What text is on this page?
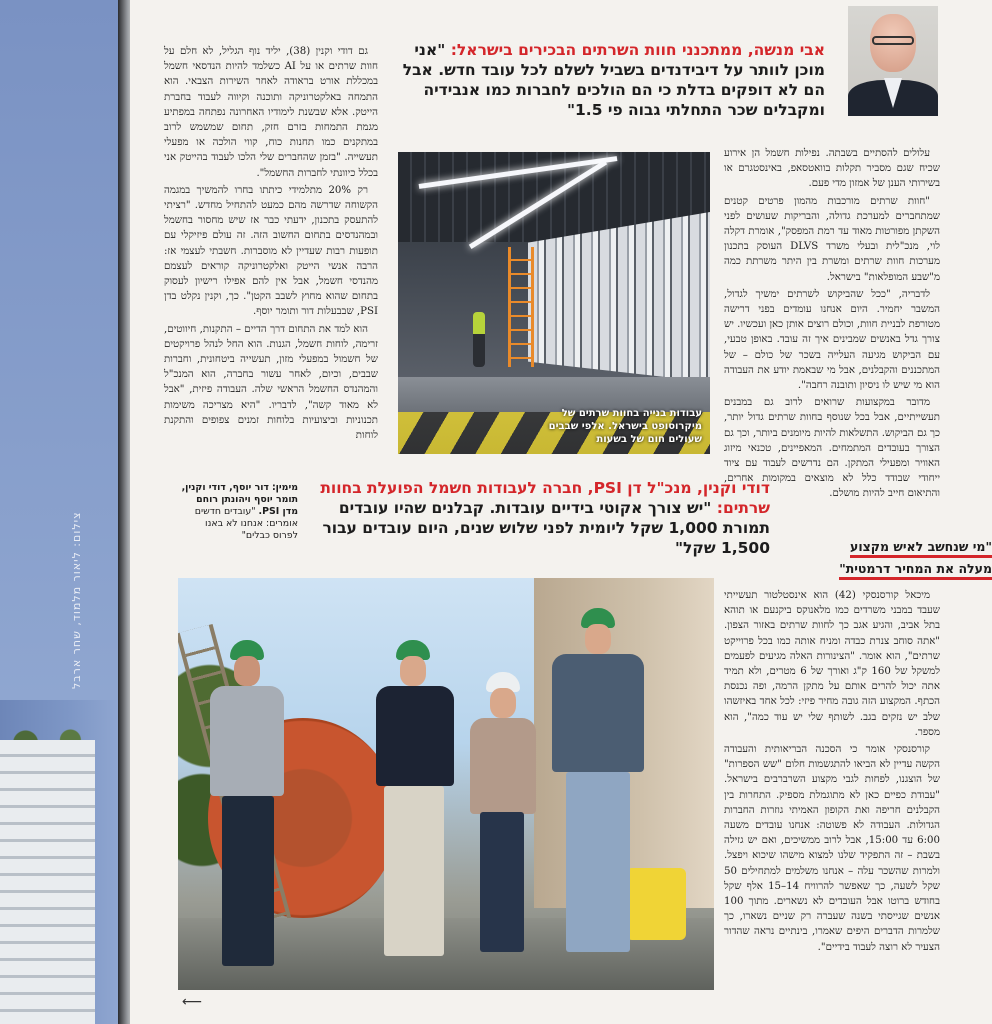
צילום: ליאור מלמוד, שחר ארבל
אבי מנשה, ממתכנני חוות השרתים הבכירים בישראל: "אני מוכן לוותר על דיבידנדים בשביל לשלם לכל עובד חדש. אבל הם לא דופקים בדלת כי הם הולכים לחברות כמו אנבידיה ומקבלים שכר התחלתי גבוה פי 1.5"

גם דודי וקנין (38), יליד נוף הגליל, לא חלם על חוות שרתים או על AI כשלמד להיות הנדסאי חשמל במכללת אורט בראודה לאחר השירות הצבאי. הוא התמחה באלקטרוניקה ותוכנה וקיווה לעבוד בחברת הייטק. אלא שבשנת לימודיו האחרונה נפתחה במפתיע מגמת התמחות בזרם חזק, תחום שמשמש לרוב במתקנים כמו תחנות כוח, קווי הולכה או מפעלי תעשייה. "בזמן שהחברים שלי הלכו לעבוד בהייטק אני בכלל כיוונתי לחברות החשמל".

רק 20% מתלמידי כיתתו בחרו להמשיך במגמה הקשוחה שדרשה מהם כמעט להתחיל מחדש. "רציתי להתעסק בתכנון, ידעתי כבר אז שיש מחסור בחשמל ובמהנדסים בתחום החשוב הזה. זה עולם פיזיקלי עם תופעות רבות שעדיין לא מוסברות. חשבתי לעצמי אז: הרבה אנשי הייטק ואלקטרוניקה קוראים לעצמם מהנדסי חשמל, אבל אין להם אפילו רישיון לעסוק בתחום שהוא מחוץ לשבב הקטן". כך, וקנין נקלט בדן PSI, שבבעלות דור ותומר יוסף.

הוא למד את התחום דרך הדיים – התקנות, חיווטים, זרימה, לוחות חשמל, הגנות. הוא החל לנהל פרויקטים של חשמול במפעלי מזון, תעשייה ביטחונית, וחברות שבבים, וכיום, לאחר עשור בחברה, הוא המנכ"ל והמהנדס החשמל הראשי שלה. העבודה פיזית, "אבל לא מאוד קשה", לדבריו. "היא מצריכה משימות תכנוניות וביצועיות בלוחות זמנים צפופים והתקנת לוחות

עלולים להסתיים בשבתה. נפילות חשמל הן אירוע שכיח שגם מסביר תקלות בוואטסאפ, באינסטגרם או בשירותי הענן של אמזון מדי פעם.

"חוות שרתים מורכבות מהמון פרטים קטנים שמתחברים למערכת גדולה, והבריקות שעושים לפני השקתן מפורטות מאוד עד רמת המפסק", אומרת דקלה לוי, מנכ"לית ובעלי משרד DLVS העוסק בתכנון מערכות חוות שרתים ומשרת בין היתר משרתת כמה מ"שבע המופלאות" בישראל.

לדבריה, "ככל שהביקוש לשרתים ימשיך לגדול, המשבר יחמיר. היום אנחנו עומדים בפני דרישה מטורפת לבניית חוות, וכולם רוצים אותן כאן ועכשיו. יש צורך גדל באנשים שמבינים איך זה עובד. באופן טבעי, עם הביקוש מגיעה העלייה בשכר של כולם – של המתכננים והקבלנים, אבל מי שבאמת יודע את העבודה הוא מי שיש לו ניסיון ותובנה רחבה".

מדובר במקצועות שרואים לרוב גם במבנים תעשייתיים, אבל בכל שנוסף בחוות שרתים גדול יותר, כך גם הביקוש. התשלאות להיות מיומנים ביותר, וכך גם הצורך בעובדים המתמחים. המאפיינים, טכנאי מיזוג האוויר ומפעילי המתקן. הם נדרשים לעבוד עם ציוד ייחודי שבודד כלל לא מוצאים במקומות אחרים, והתיאום חייב להיות מושלם.

עבודות בנייה בחוות שרתים של מיקרוסופט בישראל. אלפי שבבים שעולים חום של בשעות
דודי וקנין, מנכ"ל דן PSI, חברה לעבודות חשמל הפועלת בחוות שרתים: "יש צורך אקוטי בידיים עובדות. קבלנים שהיו עובדים תמורת 1,000 שקל ליומית לפני שלוש שנים, היום עובדים עבור 1,500 שקל"
מימין: דור יוסף, דודי וקנין, תומר יוסף ויהונתן רוחם מדן PSI. "עובדים חדשים אומרים: אנחנו לא באנו לפרוס כבלים"
"מי שנחשב לאיש מקצוע
מעלה את המחיר דרמטית"

מיכאל קורסנסקי (42) הוא אינסטלטור תעשייתי שעבד במבני משרדים כמו מלאנוקס ביקנעם או תוהא בתל אביב, והגיע אגב כך לחוות שרתים באזור הצפון. "אתה סוחב צנרת כבדה ומניח אותה כמו בכל פרוייקט שרתים", הוא אומר. "הצינורות האלה מגיעים לפעמים למשקל של 160 ק"ג ואורך של 6 מטרים, ולא תמיד אתה יכול להרים אותם על מתקן הרמה, ופה נכנסת הכתף. המקצוע הזה גובה מחיר פיזי: לכל אחד באיזשהו שלב יש נזקים בגב. לשותף שלי יש עוד כמה", הוא מספר.

קורסנסקי אומר כי הסכנה הבריאותית והעבודה הקשה עדיין לא הביאו להתגשמות חלום "שש הספרות" של הוצגנו, לפחות לגבי מקצוע השרברבים בישראל. "עבודת כפיים כאן לא מתוגמלת מספיק. התחרות בין הקבלנים חריפה ואת הקופון האמיתי גוזרות החברות הגדולות. העבודה לא פשוטה: אנחנו עובדים משעה 6:00 עד 15:00, אבל לרוב ממשיכים, ואם יש גזילה בשבת – זה התפקיד שלנו למצוא מישהו שיכוא ויפצל. ולמרות שהשכר עלה – אנחנו משלמים למתחילים 50 שקל לשעה, כך שאפשר להרוויח 14–15 אלף שקל בחודש ברוטו אבל העובדים לא נשארים. מתוך 100 אנשים שגייסתי בשנה שעברה רק שניים נשארו, כך שלמרות הדברים היפים שאמרו, בינתיים נראה שהדור הצעיר לא רוצה לעבוד בידיים".

⟵
